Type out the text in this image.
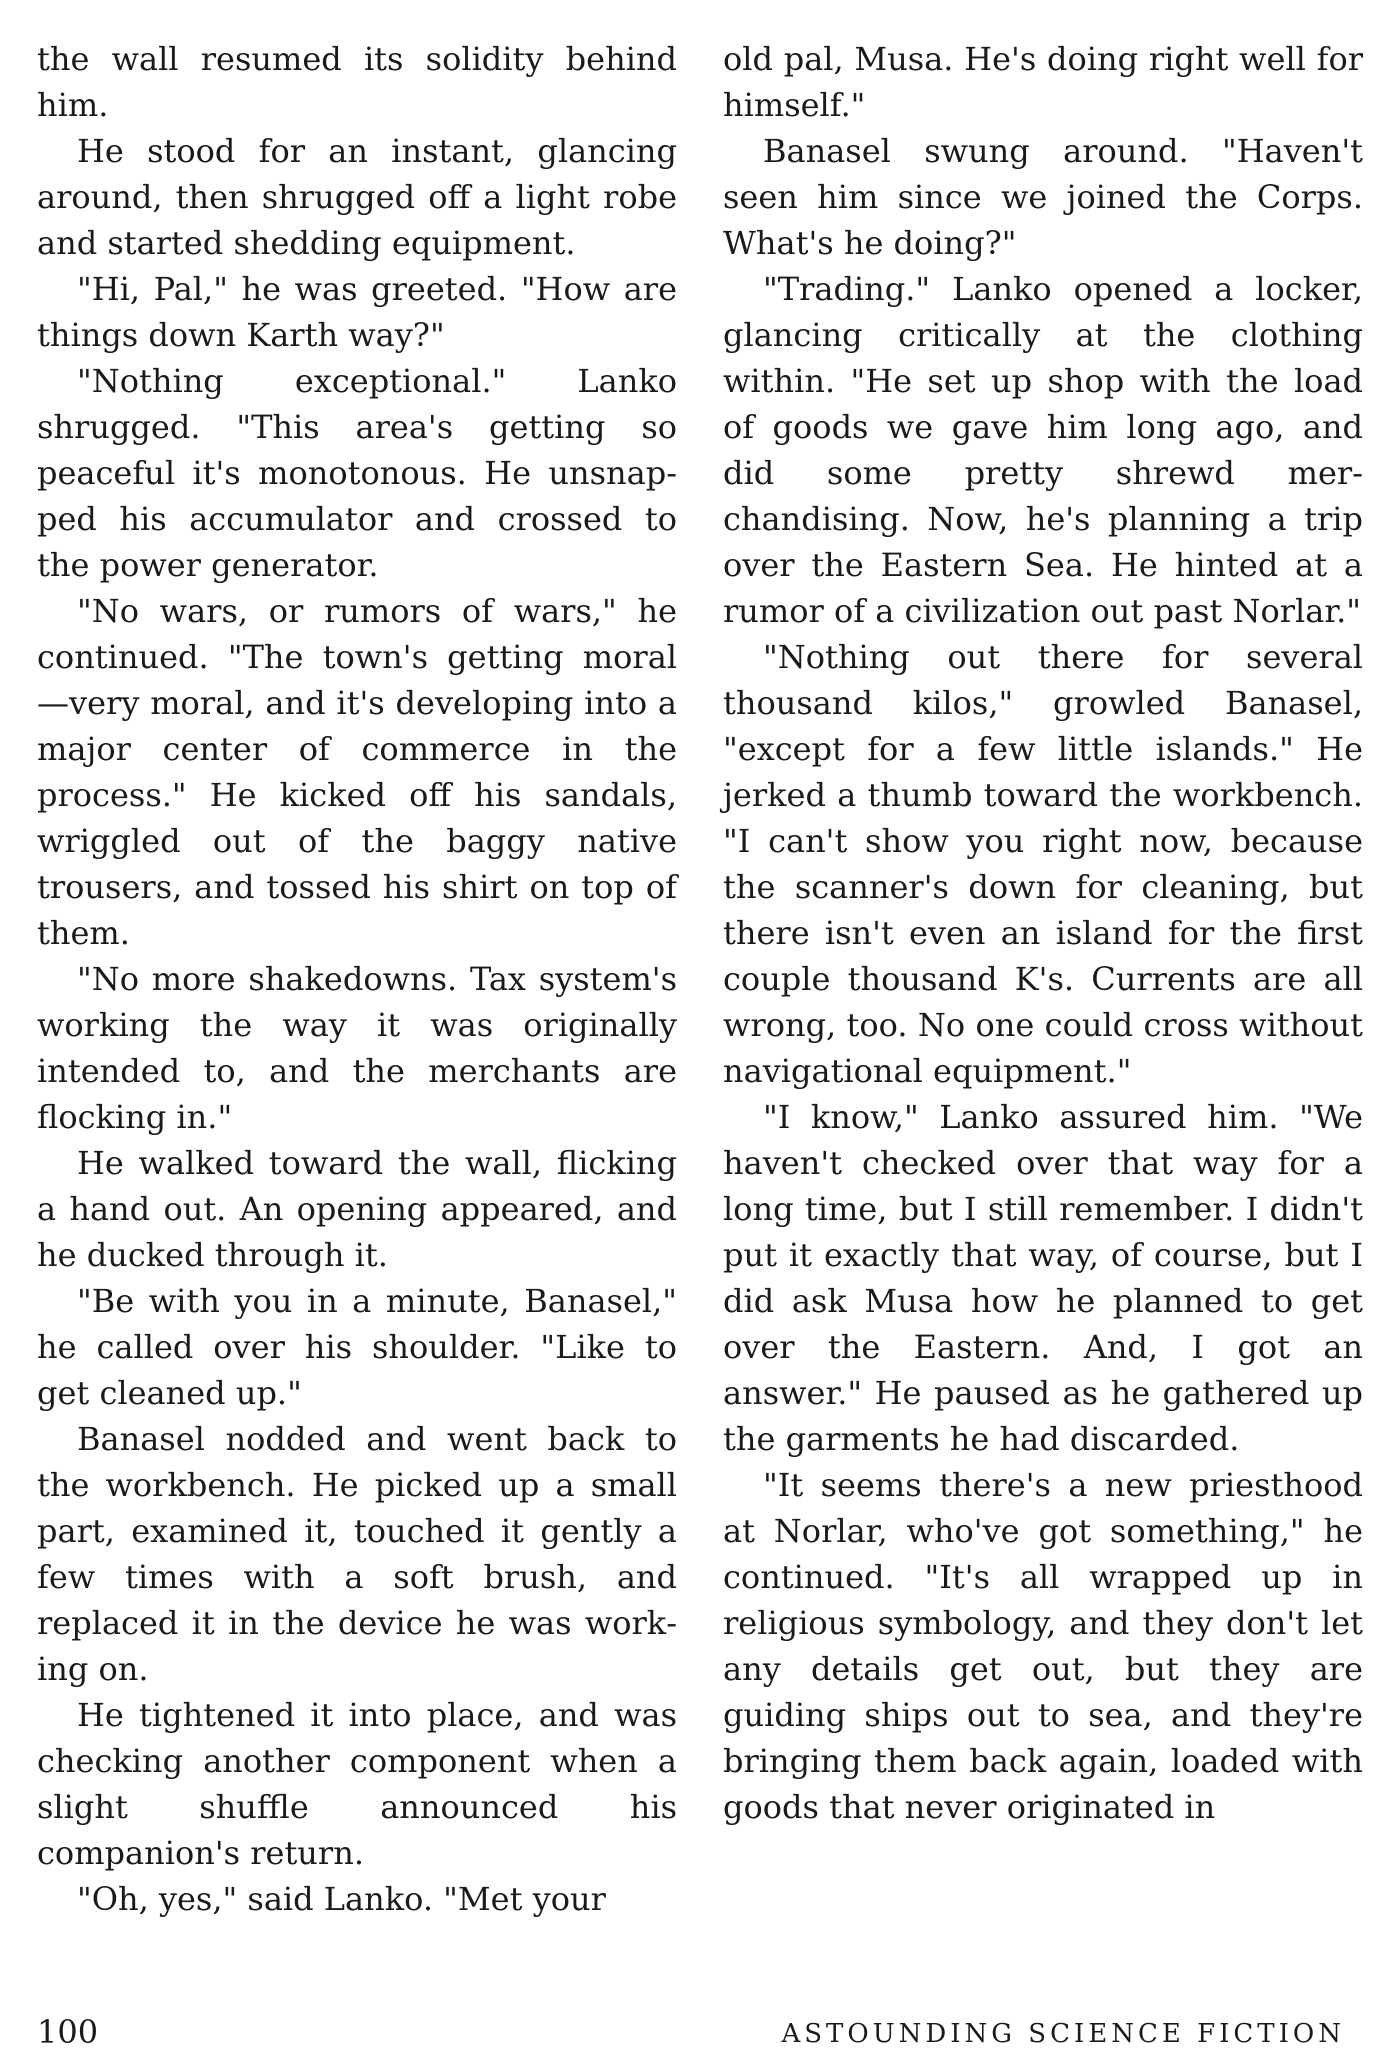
the wall resumed its solidity behind him.

He stood for an instant, glancing around, then shrugged off a light robe and started shedding equipment.

"Hi, Pal," he was greeted. "How are things down Karth way?"

"Nothing exceptional." Lanko shrugged. "This area's getting so peaceful it's monotonous. He unsnapped his accumulator and crossed to the power generator.

"No wars, or rumors of wars," he continued. "The town's getting moral —very moral, and it's developing into a major center of commerce in the process." He kicked off his sandals, wriggled out of the baggy native trousers, and tossed his shirt on top of them.

"No more shakedowns. Tax system's working the way it was originally intended to, and the merchants are flocking in."

He walked toward the wall, flicking a hand out. An opening appeared, and he ducked through it.

"Be with you in a minute, Banasel," he called over his shoulder. "Like to get cleaned up."

Banasel nodded and went back to the workbench. He picked up a small part, examined it, touched it gently a few times with a soft brush, and replaced it in the device he was working on.

He tightened it into place, and was checking another component when a slight shuffle announced his companion's return.

"Oh, yes," said Lanko. "Met your

old pal, Musa. He's doing right well for himself."

Banasel swung around. "Haven't seen him since we joined the Corps. What's he doing?"

"Trading." Lanko opened a locker, glancing critically at the clothing within. "He set up shop with the load of goods we gave him long ago, and did some pretty shrewd merchandising. Now, he's planning a trip over the Eastern Sea. He hinted at a rumor of a civilization out past Norlar."

"Nothing out there for several thousand kilos," growled Banasel, "except for a few little islands." He jerked a thumb toward the workbench. "I can't show you right now, because the scanner's down for cleaning, but there isn't even an island for the first couple thousand K's. Currents are all wrong, too. No one could cross without navigational equipment."

"I know," Lanko assured him. "We haven't checked over that way for a long time, but I still remember. I didn't put it exactly that way, of course, but I did ask Musa how he planned to get over the Eastern. And, I got an answer." He paused as he gathered up the garments he had discarded.

"It seems there's a new priesthood at Norlar, who've got something," he continued. "It's all wrapped up in religious symbology, and they don't let any details get out, but they are guiding ships out to sea, and they're bringing them back again, loaded with goods that never originated in

100	ASTOUNDING SCIENCE FICTION
